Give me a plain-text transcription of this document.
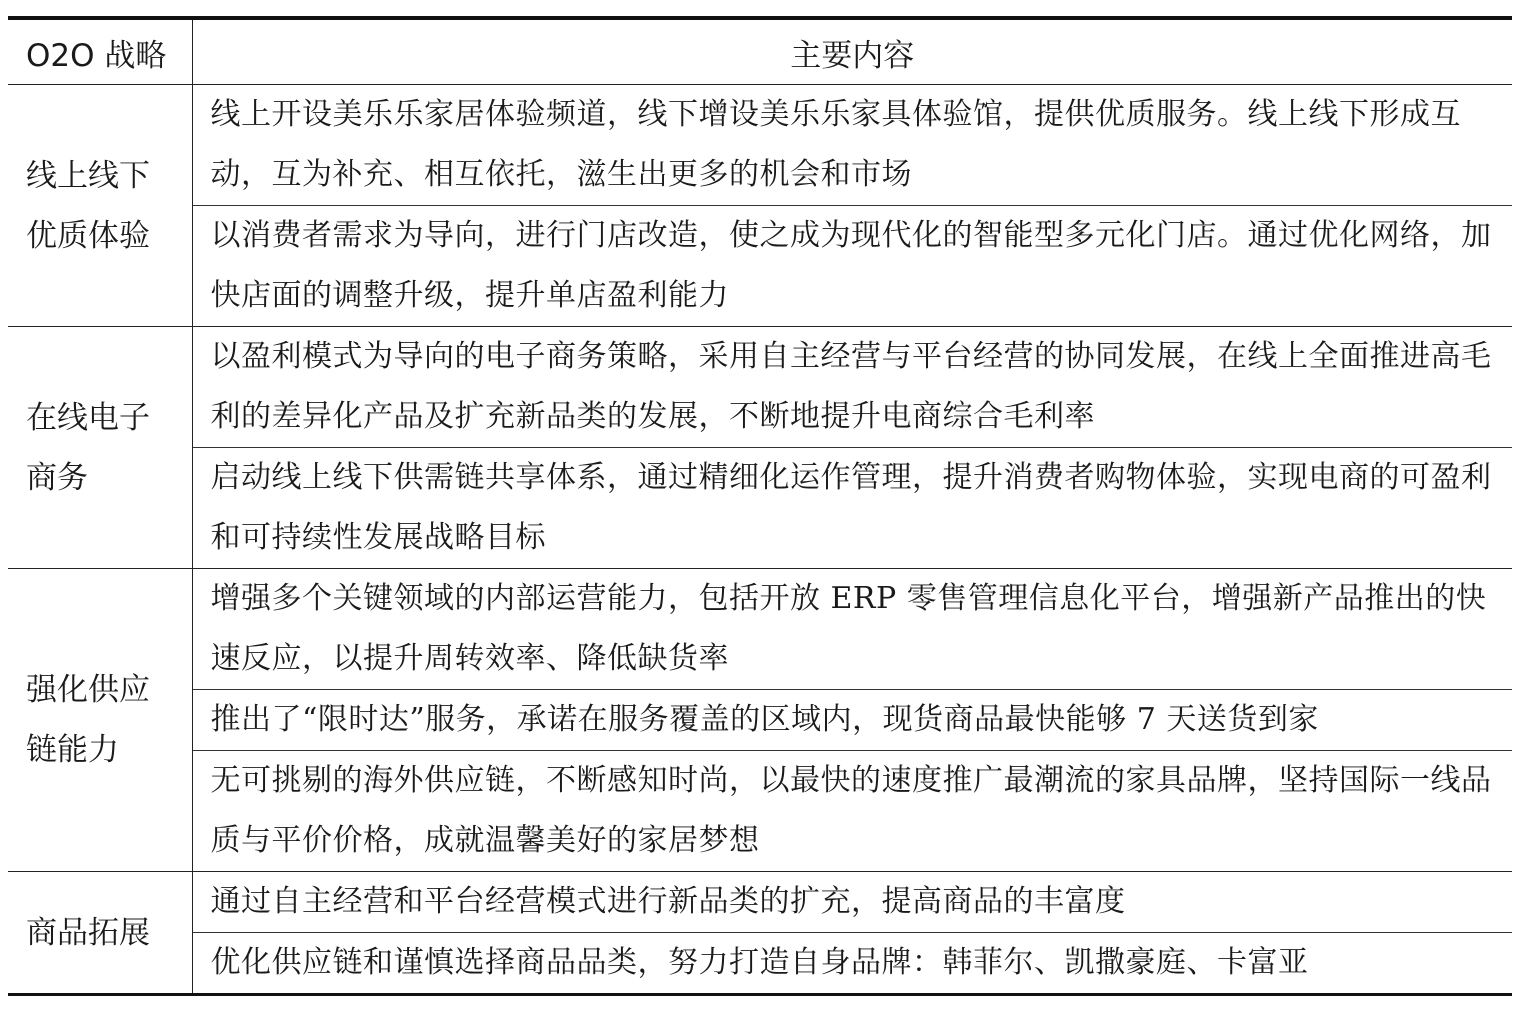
O2O 战略	主要内容

线上线下优质体验	线上开设美乐乐家居体验频道，线下增设美乐乐家具体验馆，提供优质服务。线上线下形成互动，互为补充、相互依托，滋生出更多的机会和市场
	以消费者需求为导向，进行门店改造，使之成为现代化的智能型多元化门店。通过优化网络，加快店面的调整升级，提升单店盈利能力

在线电子商务	以盈利模式为导向的电子商务策略，采用自主经营与平台经营的协同发展，在线上全面推进高毛利的差异化产品及扩充新品类的发展，不断地提升电商综合毛利率
	启动线上线下供需链共享体系，通过精细化运作管理，提升消费者购物体验，实现电商的可盈利和可持续性发展战略目标

强化供应链能力	增强多个关键领域的内部运营能力，包括开放 ERP 零售管理信息化平台，增强新产品推出的快速反应，以提升周转效率、降低缺货率
	推出了“限时达”服务，承诺在服务覆盖的区域内，现货商品最快能够 7 天送货到家
	无可挑剔的海外供应链，不断感知时尚，以最快的速度推广最潮流的家具品牌，坚持国际一线品质与平价价格，成就温馨美好的家居梦想

商品拓展	通过自主经营和平台经营模式进行新品类的扩充，提高商品的丰富度
	优化供应链和谨慎选择商品品类，努力打造自身品牌：韩菲尔、凯撒豪庭、卡富亚
